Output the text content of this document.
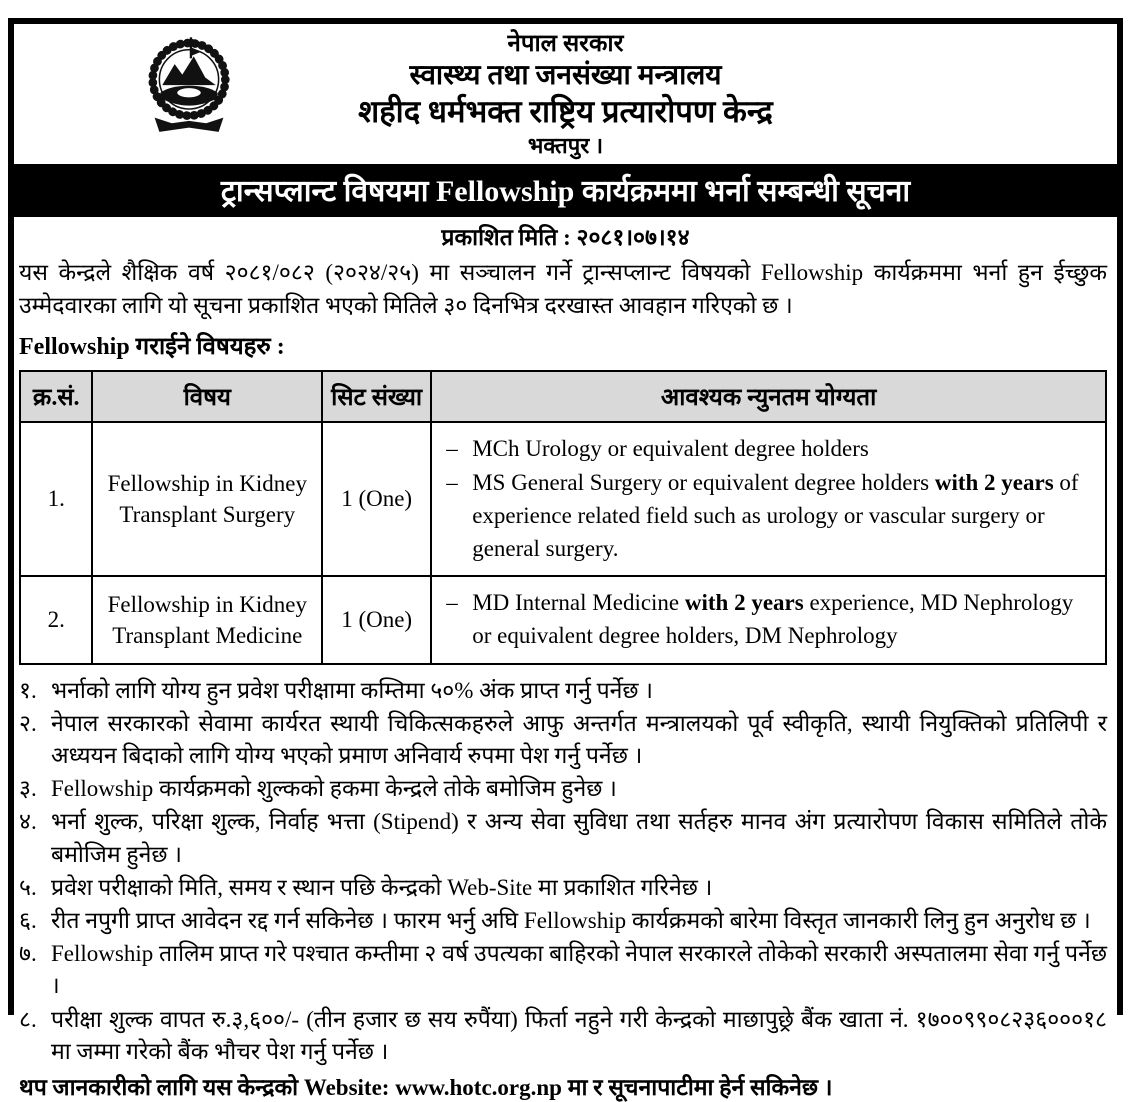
नेपाल सरकार
स्वास्थ्य तथा जनसंख्या मन्त्रालय
शहीद धर्मभक्त राष्ट्रिय प्रत्यारोपण केन्द्र
भक्तपुर ।
ट्रान्सप्लान्ट विषयमा Fellowship कार्यक्रममा भर्ना सम्बन्धी सूचना
प्रकाशित मिति : २०८१।०७।१४

यस केन्द्रले शैक्षिक वर्ष २०८१/०८२ (२०२४/२५) मा सञ्चालन गर्ने ट्रान्सप्लान्ट विषयको Fellowship कार्यक्रममा भर्ना हुन ईच्छुक उम्मेदवारका लागि यो सूचना प्रकाशित भएको मितिले ३० दिनभित्र दरखास्त आवहान गरिएको छ ।

Fellowship गराईने विषयहरु :
क्र.सं.	विषय	सिट संख्या	आवश्यक न्युनतम योग्यता
1.	Fellowship in Kidney Transplant Surgery	1 (One)	– MCh Urology or equivalent degree holders
– MS General Surgery or equivalent degree holders with 2 years of experience related field such as urology or vascular surgery or general surgery.

2.	Fellowship in Kidney Transplant Medicine	1 (One)	– MD Internal Medicine with 2 years experience, MD Nephrology or equivalent degree holders, DM Nephrology
१. भर्नाको लागि योग्य हुन प्रवेश परीक्षामा कम्तिमा ५०% अंक प्राप्त गर्नु पर्नेछ ।
२. नेपाल सरकारको सेवामा कार्यरत स्थायी चिकित्सकहरुले आफु अन्तर्गत मन्त्रालयको पूर्व स्वीकृति, स्थायी नियुक्तिको प्रतिलिपी र अध्ययन बिदाको लागि योग्य भएको प्रमाण अनिवार्य रुपमा पेश गर्नु पर्नेछ ।
३. Fellowship कार्यक्रमको शुल्कको हकमा केन्द्रले तोके बमोजिम हुनेछ ।
४. भर्ना शुल्क, परिक्षा शुल्क, निर्वाह भत्ता (Stipend) र अन्य सेवा सुविधा तथा सर्तहरु मानव अंग प्रत्यारोपण विकास समितिले तोके बमोजिम हुनेछ ।
५. प्रवेश परीक्षाको मिति, समय र स्थान पछि केन्द्रको Web-Site मा प्रकाशित गरिनेछ ।
६. रीत नपुगी प्राप्त आवेदन रद्द गर्न सकिनेछ । फारम भर्नु अघि Fellowship कार्यक्रमको बारेमा विस्तृत जानकारी लिनु हुन अनुरोध छ ।
७. Fellowship तालिम प्राप्त गरे पश्चात कम्तीमा २ वर्ष उपत्यका बाहिरको नेपाल सरकारले तोकेको सरकारी अस्पतालमा सेवा गर्नु पर्नेछ ।
८. परीक्षा शुल्क वापत रु.३,६००/- (तीन हजार छ सय रुपैंया) फिर्ता नहुने गरी केन्द्रको माछापुछ्रे बैंक खाता नं. १७००९९०८२३६०००१८ मा जम्मा गरेको बैंक भौचर पेश गर्नु पर्नेछ ।
थप जानकारीको लागि यस केन्द्रको Website: www.hotc.org.np मा र सूचनापाटीमा हेर्न सकिनेछ ।
